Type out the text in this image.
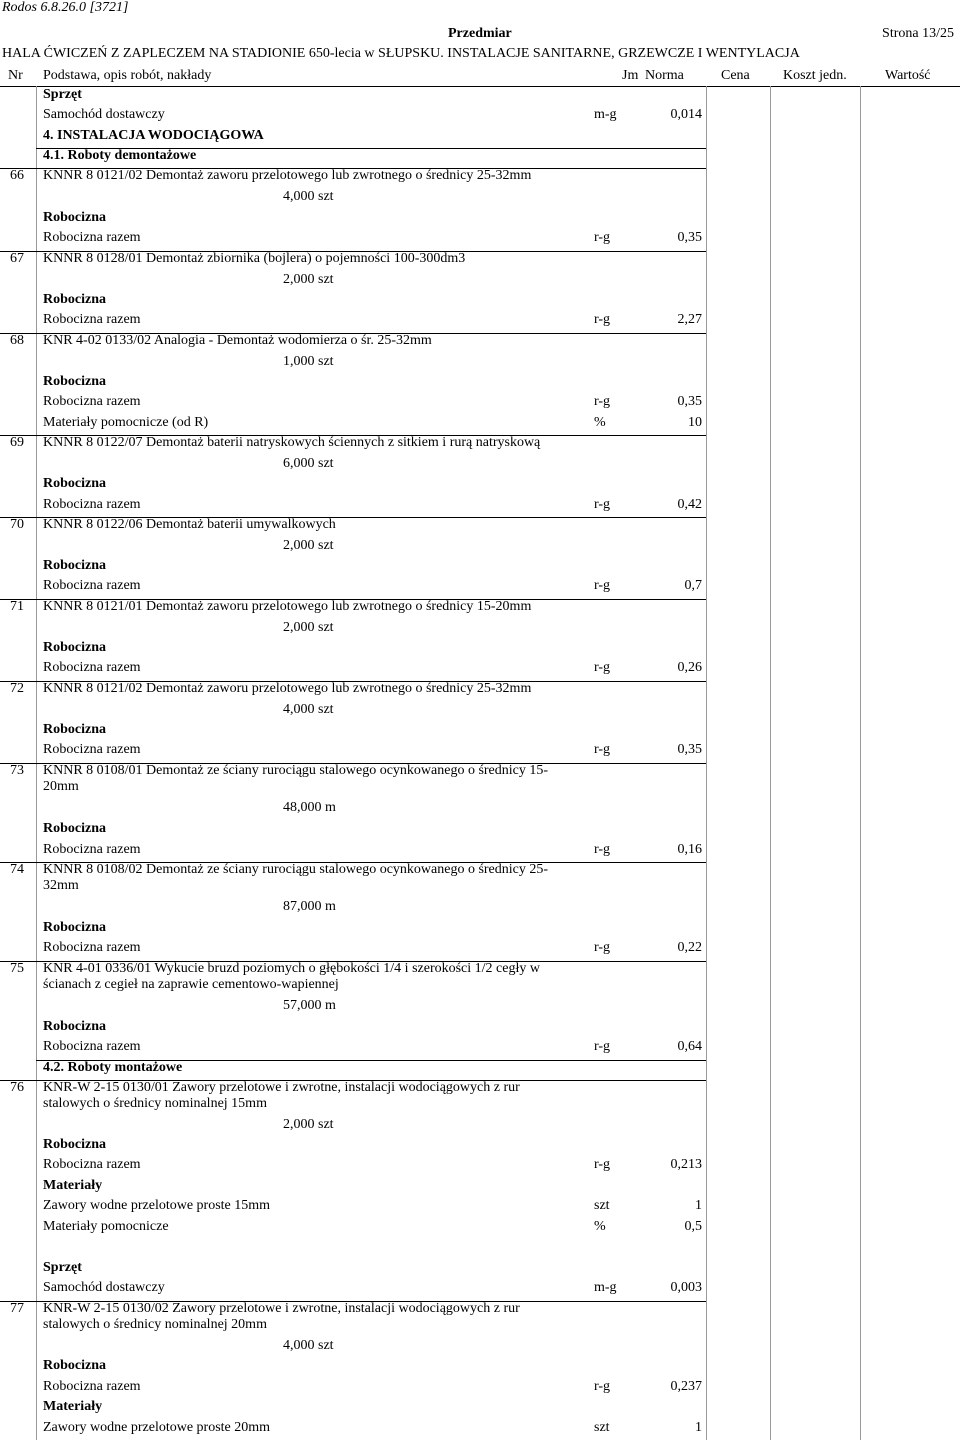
Rodos 6.8.26.0 [3721]
Przedmiar	Strona 13/25
HALA ĆWICZEŃ Z ZAPLECZEM NA STADIONIE 650-lecia w SŁUPSKU. INSTALACJE SANITARNE, GRZEWCZE I WENTYLACJA
Nr Podstawa, opis robót, nakłady	Jm Norma	Cena Koszt jedn.	Wartość
Sprzęt
Samochód dostawczy	m-g	0,014
4. INSTALACJA WODOCIĄGOWA
4.1. Roboty demontażowe
66 KNNR 8 0121/02 Demontaż zaworu przelotowego lub zwrotnego o średnicy 25-32mm
4,000 szt
Robocizna
Robocizna razem	r-g	0,35
67 KNNR 8 0128/01 Demontaż zbiornika (bojlera) o pojemności 100-300dm3
2,000 szt
Robocizna
Robocizna razem	r-g	2,27
68 KNR 4-02 0133/02 Analogia - Demontaż wodomierza o śr. 25-32mm
1,000 szt
Robocizna
Robocizna razem	r-g	0,35
Materiały pomocnicze (od R)	%	10
69 KNNR 8 0122/07 Demontaż baterii natryskowych ściennych z sitkiem i rurą natryskową
6,000 szt
Robocizna
Robocizna razem	r-g	0,42
70 KNNR 8 0122/06 Demontaż baterii umywalkowych
2,000 szt
Robocizna
Robocizna razem	r-g	0,7
71 KNNR 8 0121/01 Demontaż zaworu przelotowego lub zwrotnego o średnicy 15-20mm
2,000 szt
Robocizna
Robocizna razem	r-g	0,26
72 KNNR 8 0121/02 Demontaż zaworu przelotowego lub zwrotnego o średnicy 25-32mm
4,000 szt
Robocizna
Robocizna razem	r-g	0,35
73 KNNR 8 0108/01 Demontaż ze ściany rurociągu stalowego ocynkowanego o średnicy 15-20mm
48,000 m
Robocizna
Robocizna razem	r-g	0,16
74 KNNR 8 0108/02 Demontaż ze ściany rurociągu stalowego ocynkowanego o średnicy 25-32mm
87,000 m
Robocizna
Robocizna razem	r-g	0,22
75 KNR 4-01 0336/01 Wykucie bruzd poziomych o głębokości 1/4 i szerokości 1/2 cegły w ścianach z cegieł na zaprawie cementowo-wapiennej
57,000 m
Robocizna
Robocizna razem	r-g	0,64
4.2. Roboty montażowe
76 KNR-W 2-15 0130/01 Zawory przelotowe i zwrotne, instalacji wodociągowych z rur stalowych o średnicy nominalnej 15mm
2,000 szt
Robocizna
Robocizna razem	r-g	0,213
Materiały
Zawory wodne przelotowe proste 15mm	szt	1
Materiały pomocnicze	%	0,5
Sprzęt
Samochód dostawczy	m-g	0,003
77 KNR-W 2-15 0130/02 Zawory przelotowe i zwrotne, instalacji wodociągowych z rur stalowych o średnicy nominalnej 20mm
4,000 szt
Robocizna
Robocizna razem	r-g	0,237
Materiały
Zawory wodne przelotowe proste 20mm	szt	1
